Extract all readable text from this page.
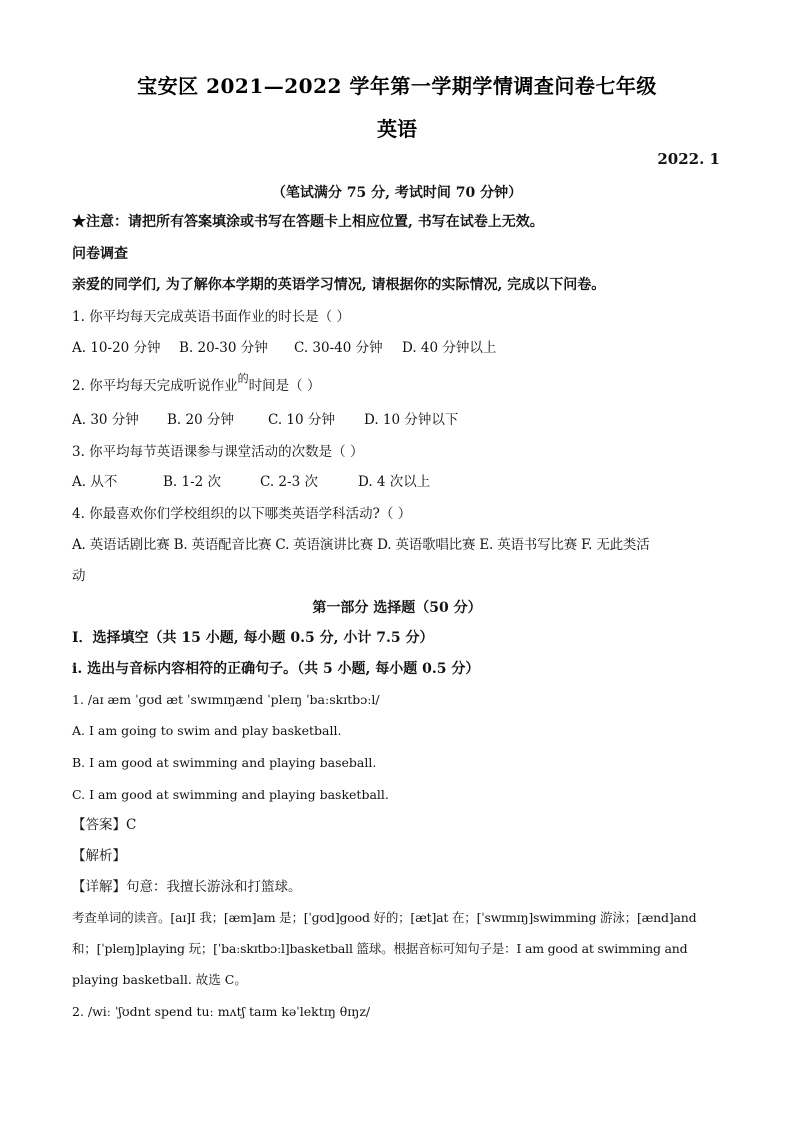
宝安区 2021—2022 学年第一学期学情调查问卷七年级
英语
2022. 1
（笔试满分 75 分, 考试时间 70 分钟）
★注意：请把所有答案填涂或书写在答题卡上相应位置, 书写在试卷上无效。
问卷调查
亲爱的同学们, 为了解你本学期的英语学习情况, 请根据你的实际情况, 完成以下问卷。
1. 你平均每天完成英语书面作业的时长是（ ）
A. 10-20 分钟 B. 20-30 分钟 C. 30-40 分钟 D. 40 分钟以上
2. 你平均每天完成听说作业$^的$时间是（ ）
A. 30 分钟 B. 20 分钟	C. 10 分钟 D. 10 分钟以下
3. 你平均每节英语课参与课堂活动的次数是（ ）
A. 从不	B. 1-2 次	C. 2-3 次	D. 4 次以上
4. 你最喜欢你们学校组织的以下哪类英语学科活动?（ ）
A. 英语话剧比赛 B. 英语配音比赛 C. 英语演讲比赛 D. 英语歌唱比赛 E. 英语书写比赛 F. 无此类活
动
第一部分 选择题（50 分）
I．选择填空（共 15 小题, 每小题 0.5 分, 小计 7.5 分）
i. 选出与音标内容相符的正确句子。（共 5 小题, 每小题 0.5 分）
1. /aɪ æm ˈɡʊd æt ˈswɪmɪŋænd ˈpleɪŋ ˈbaːskɪtbɔːl/
A. I am going to swim and play basketball.
B. I am good at swimming and playing baseball.
C. I am good at swimming and playing basketball.
【答案】C
【解析】
【详解】句意：我擅长游泳和打篮球。
考查单词的读音。[aɪ]I 我；[æm]am 是；[ˈɡʊd]good 好的；[æt]at 在；[ˈswɪmɪŋ]swimming 游泳；[ænd]and
和；[ˈpleɪŋ]playing 玩；[ˈbaːskɪtbɔːl]basketball 篮球。根据音标可知句子是：I am good at swimming and
playing basketball. 故选 C。
2. /wiː ˈʃʊdnt spend tuː mʌtʃ taɪm kəˈlektɪŋ θɪŋz/
